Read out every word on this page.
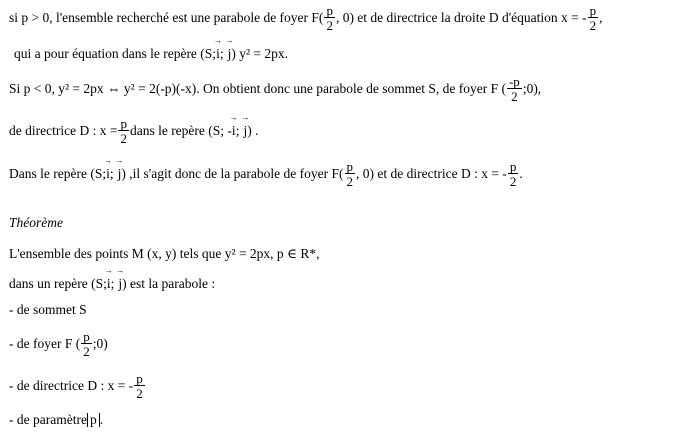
si p > 0, l'ensemble recherché est une parabole de foyer $F( \frac{p}{2}$ , 0) et de directrice la droite D d'équation x = - $\frac{p}{2}$ ,
qui a pour équation dans le repère (S; → i ; → j ) y² = 2px.
Si p < 0, y² = 2px ⇔ y² = 2(-p)(-x). On obtient donc une parabole de sommet S, de foyer F ( $\frac{-p}{2}$ ;0),
de directrice D : $x = \frac{p}{2}$ dans le repère (S; - → i ; → j ) .
Dans le repère (S; → i ; → j ) ,il s'agit donc de la parabole de foyer $F( \frac{p}{2}$ , 0) et de directrice D : x = - $\frac{p}{2}$ .
Théorème
L'ensemble des points M (x, y) tels que y² = 2px, p ∈ R*,
dans un repère (S; → i ; → j ) est la parabole :
- de sommet S
- de foyer F ( $\frac{p}{2}$ ;0)
- de directrice D : x = - $\frac{p}{2}$
- de paramètre p .
